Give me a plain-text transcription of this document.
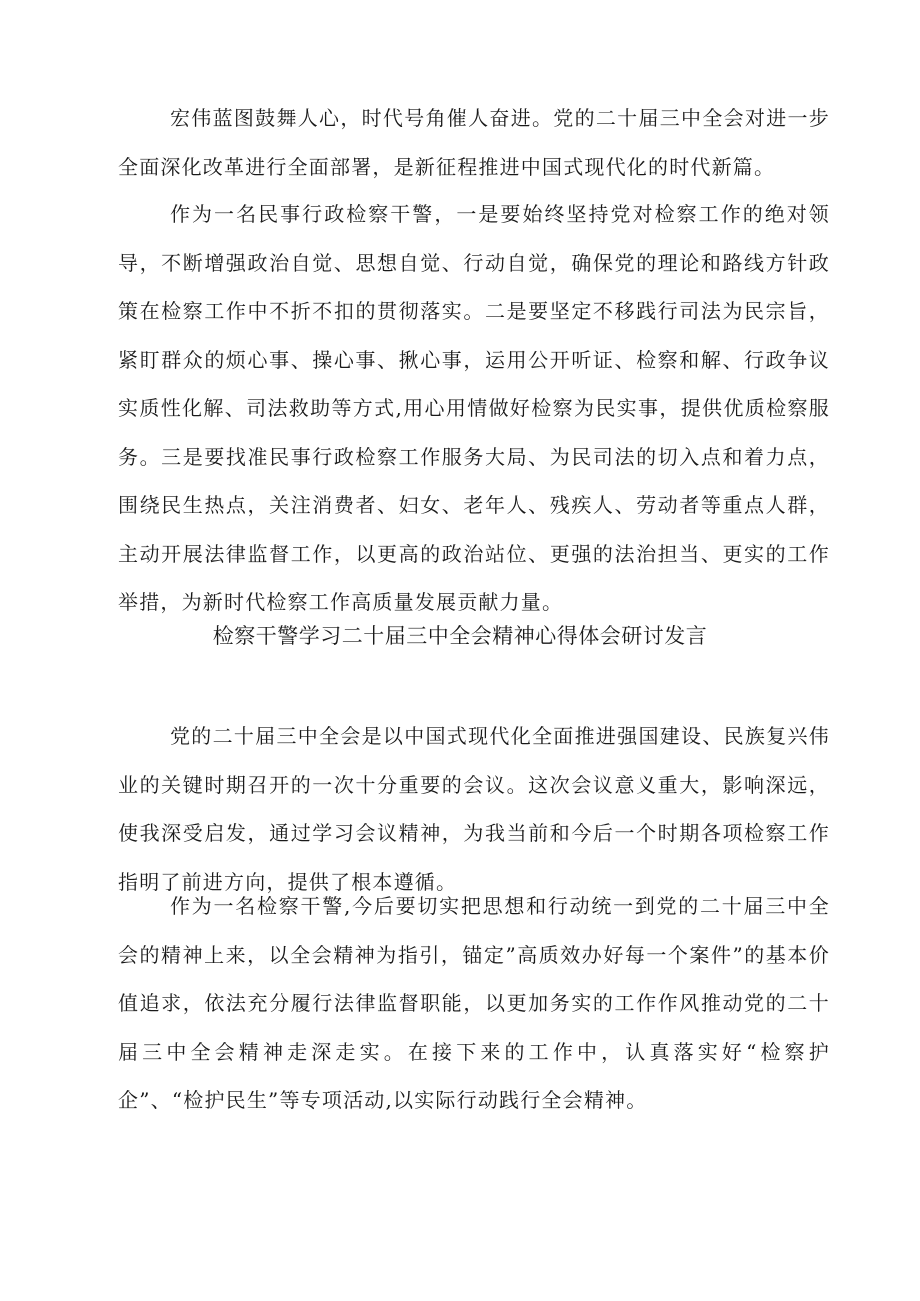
宏伟蓝图鼓舞人心，时代号角催人奋进。党的二十届三中全会对进一步全面深化改革进行全面部署，是新征程推进中国式现代化的时代新篇。

作为一名民事行政检察干警，一是要始终坚持党对检察工作的绝对领导，不断增强政治自觉、思想自觉、行动自觉，确保党的理论和路线方针政策在检察工作中不折不扣的贯彻落实。二是要坚定不移践行司法为民宗旨，紧盯群众的烦心事、操心事、揪心事，运用公开听证、检察和解、行政争议实质性化解、司法救助等方式,用心用情做好检察为民实事，提供优质检察服务。三是要找准民事行政检察工作服务大局、为民司法的切入点和着力点，围绕民生热点，关注消费者、妇女、老年人、残疾人、劳动者等重点人群，主动开展法律监督工作，以更高的政治站位、更强的法治担当、更实的工作举措，为新时代检察工作高质量发展贡献力量。

检察干警学习二十届三中全会精神心得体会研讨发言

党的二十届三中全会是以中国式现代化全面推进强国建设、民族复兴伟业的关键时期召开的一次十分重要的会议。这次会议意义重大，影响深远，使我深受启发，通过学习会议精神，为我当前和今后一个时期各项检察工作指明了前进方向，提供了根本遵循。

作为一名检察干警,今后要切实把思想和行动统一到党的二十届三中全会的精神上来，以全会精神为指引，锚定”高质效办好每一个案件”的基本价值追求，依法充分履行法律监督职能，以更加务实的工作作风推动党的二十届三中全会精神走深走实。在接下来的工作中，认真落实好“检察护企”、“检护民生”等专项活动,以实际行动践行全会精神。
